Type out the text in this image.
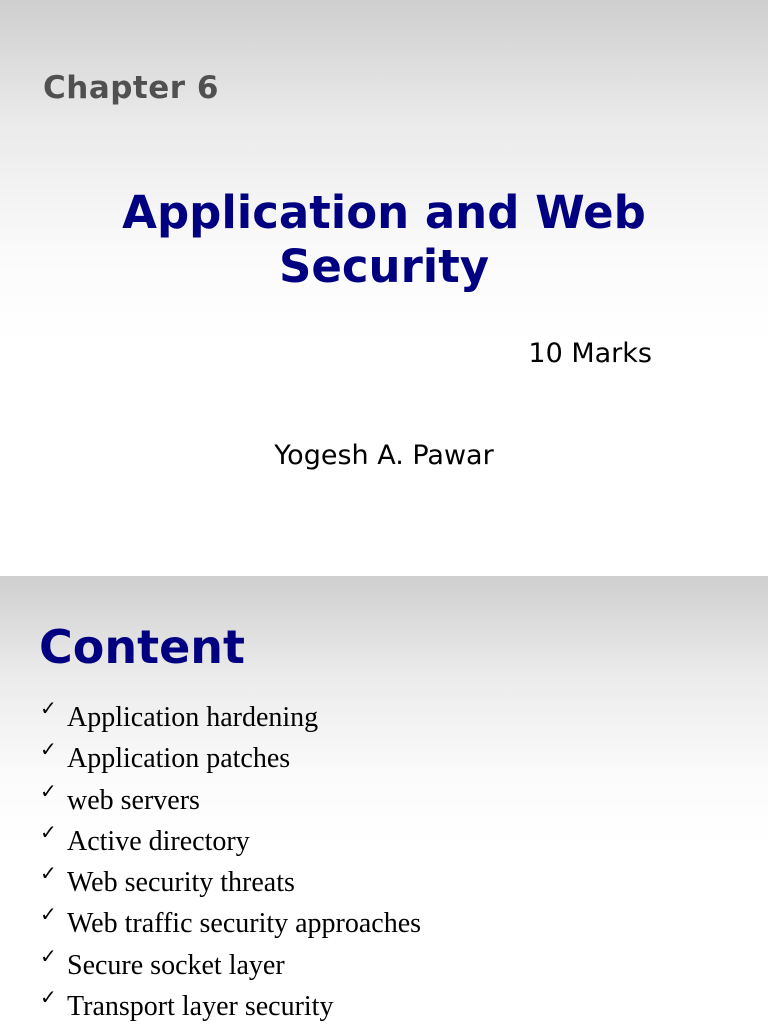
Chapter 6
Application and Web
Security
10 Marks
Yogesh A. Pawar
Content
✓ Application hardening
✓ Application patches
✓ web servers
✓ Active directory
✓ Web security threats
✓ Web traffic security approaches
✓ Secure socket layer
✓ Transport layer security
